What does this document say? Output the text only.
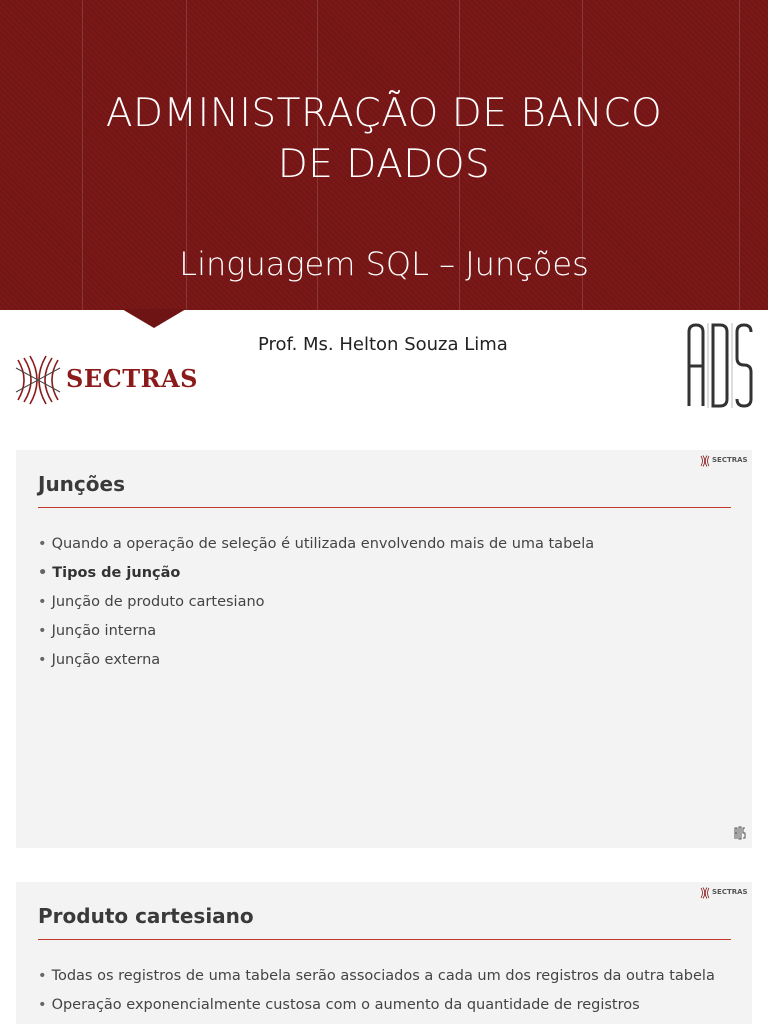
ADMINISTRAÇÃO DE BANCO
DE DADOS
Linguagem SQL – Junções
Prof. Ms. Helton Souza Lima
SECTRAS
SECTRAS
Junções
• Quando a operação de seleção é utilizada envolvendo mais de uma tabela
• Tipos de junção
• Junção de produto cartesiano
• Junção interna
• Junção externa
SECTRAS
Produto cartesiano
• Todas os registros de uma tabela serão associados a cada um dos registros da outra tabela
• Operação exponencialmente custosa com o aumento da quantidade de registros
